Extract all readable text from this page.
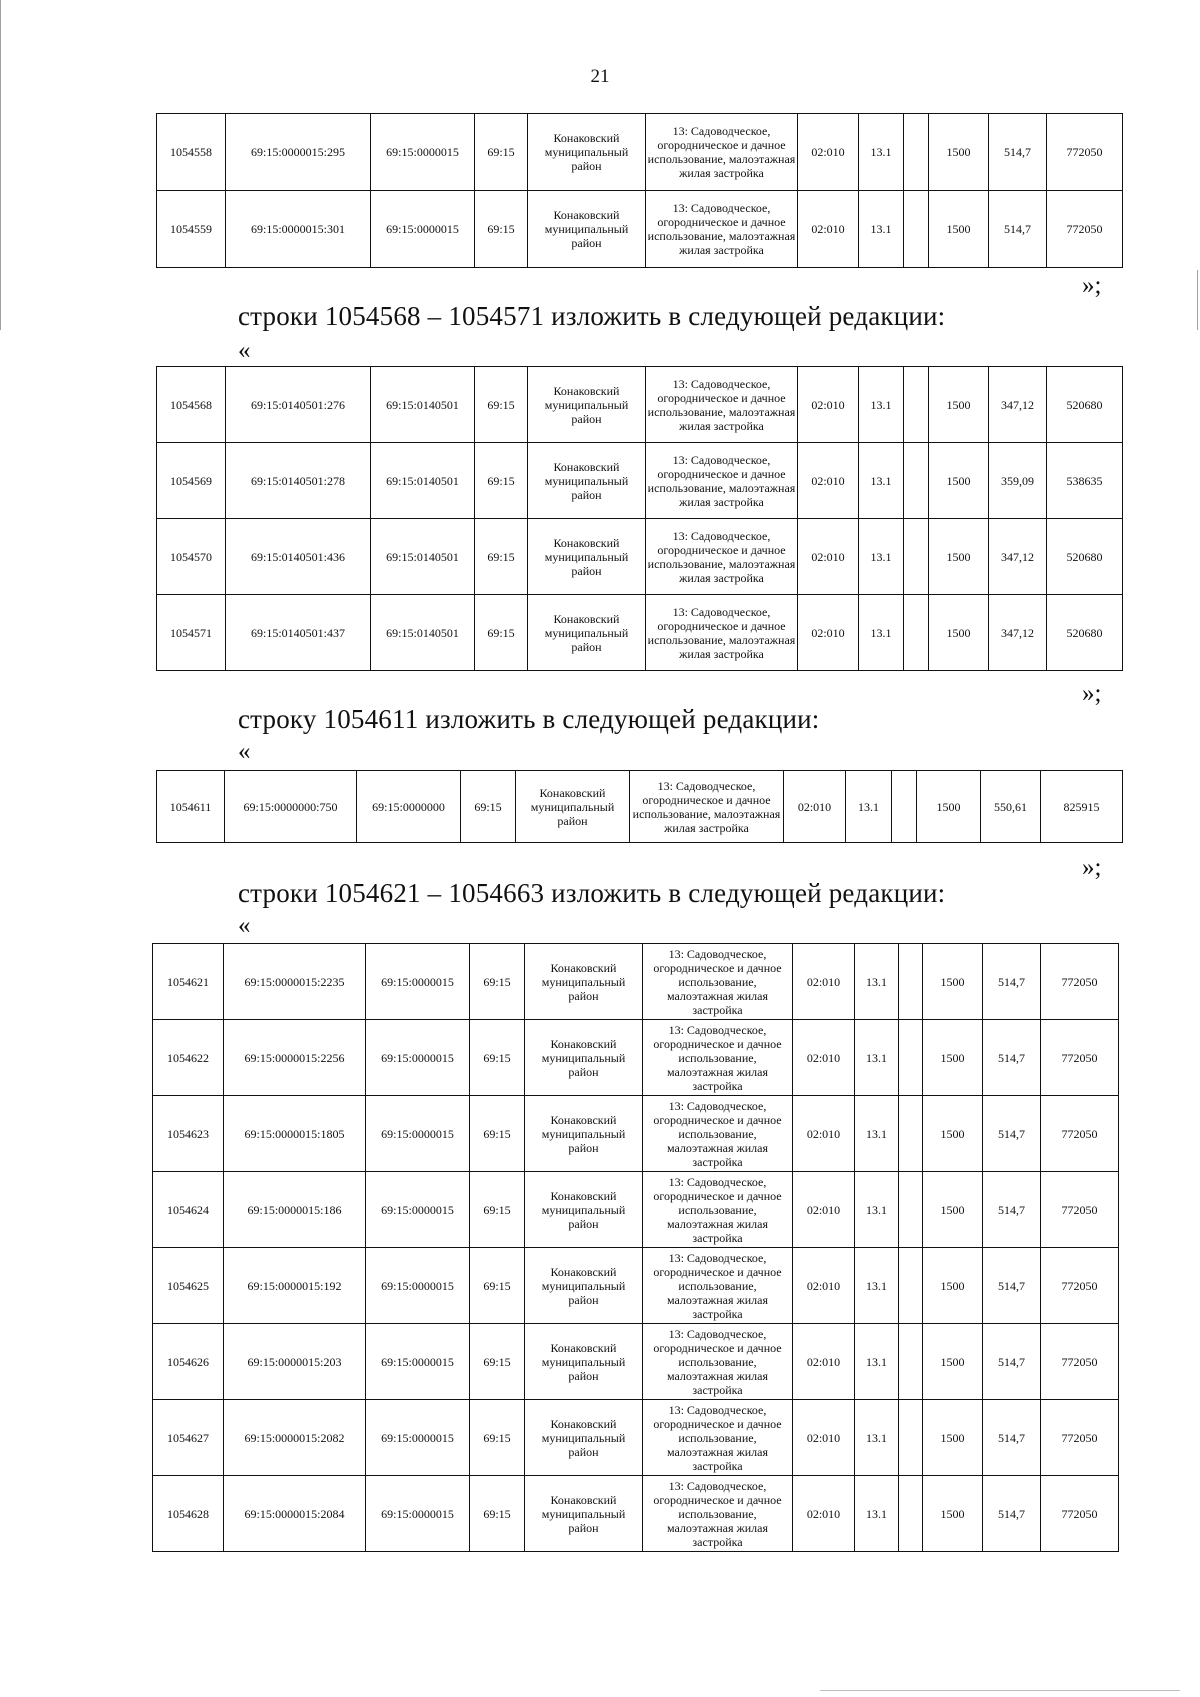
21
1054558	69:15:0000015:295	69:15:0000015	69:15	Конаковский муниципальный район	13: Садоводческое, огородническое и дачное использование, малоэтажная жилая застройка	02:010	13.1		1500	514,7	772050
1054559	69:15:0000015:301	69:15:0000015	69:15	Конаковский муниципальный район	13: Садоводческое, огородническое и дачное использование, малоэтажная жилая застройка	02:010	13.1		1500	514,7	772050
»;
строки 1054568 – 1054571 изложить в следующей редакции:
«
1054568	69:15:0140501:276	69:15:0140501	69:15	Конаковский муниципальный район	13: Садоводческое, огородническое и дачное использование, малоэтажная жилая застройка	02:010	13.1		1500	347,12	520680
1054569	69:15:0140501:278	69:15:0140501	69:15	Конаковский муниципальный район	13: Садоводческое, огородническое и дачное использование, малоэтажная жилая застройка	02:010	13.1		1500	359,09	538635
1054570	69:15:0140501:436	69:15:0140501	69:15	Конаковский муниципальный район	13: Садоводческое, огородническое и дачное использование, малоэтажная жилая застройка	02:010	13.1		1500	347,12	520680
1054571	69:15:0140501:437	69:15:0140501	69:15	Конаковский муниципальный район	13: Садоводческое, огородническое и дачное использование, малоэтажная жилая застройка	02:010	13.1		1500	347,12	520680
»;
строку 1054611 изложить в следующей редакции:
«
1054611	69:15:0000000:750	69:15:0000000	69:15	Конаковский муниципальный район	13: Садоводческое, огородническое и дачное использование, малоэтажная жилая застройка	02:010	13.1		1500	550,61	825915
»;
строки 1054621 – 1054663 изложить в следующей редакции:
«
1054621	69:15:0000015:2235	69:15:0000015	69:15	Конаковский муниципальный район	13: Садоводческое, огородническое и дачное использование, малоэтажная жилая застройка	02:010	13.1		1500	514,7	772050
1054622	69:15:0000015:2256	69:15:0000015	69:15	Конаковский муниципальный район	13: Садоводческое, огородническое и дачное использование, малоэтажная жилая застройка	02:010	13.1		1500	514,7	772050
1054623	69:15:0000015:1805	69:15:0000015	69:15	Конаковский муниципальный район	13: Садоводческое, огородническое и дачное использование, малоэтажная жилая застройка	02:010	13.1		1500	514,7	772050
1054624	69:15:0000015:186	69:15:0000015	69:15	Конаковский муниципальный район	13: Садоводческое, огородническое и дачное использование, малоэтажная жилая застройка	02:010	13.1		1500	514,7	772050
1054625	69:15:0000015:192	69:15:0000015	69:15	Конаковский муниципальный район	13: Садоводческое, огородническое и дачное использование, малоэтажная жилая застройка	02:010	13.1		1500	514,7	772050
1054626	69:15:0000015:203	69:15:0000015	69:15	Конаковский муниципальный район	13: Садоводческое, огородническое и дачное использование, малоэтажная жилая застройка	02:010	13.1		1500	514,7	772050
1054627	69:15:0000015:2082	69:15:0000015	69:15	Конаковский муниципальный район	13: Садоводческое, огородническое и дачное использование, малоэтажная жилая застройка	02:010	13.1		1500	514,7	772050
1054628	69:15:0000015:2084	69:15:0000015	69:15	Конаковский муниципальный район	13: Садоводческое, огородническое и дачное использование, малоэтажная жилая застройка	02:010	13.1		1500	514,7	772050
